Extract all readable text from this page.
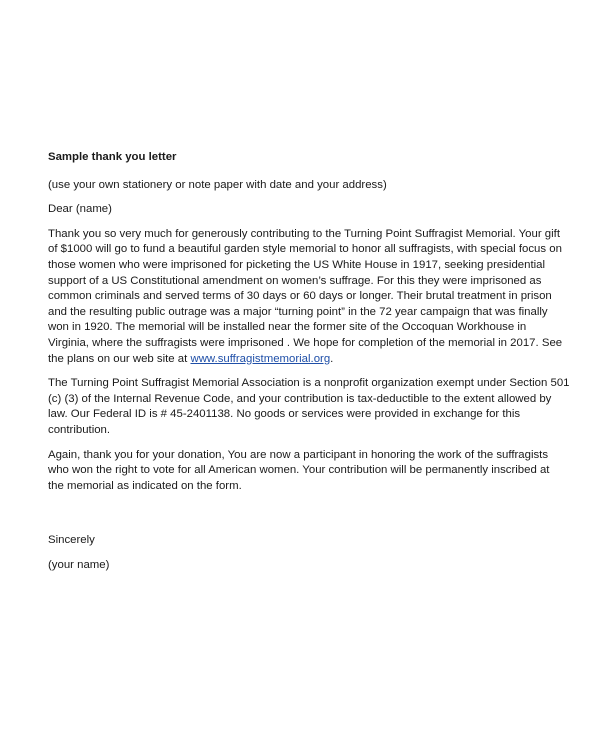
Sample thank you letter

(use your own stationery or note paper with date and your address)

Dear (name)

Thank you so very much for generously contributing to the Turning Point Suffragist Memorial. Your gift
of $1000 will go to fund a beautiful garden style memorial to honor all suffragists, with special focus on
those women who were imprisoned for picketing the US White House in 1917, seeking presidential
support of a US Constitutional amendment on women’s suffrage. For this they were imprisoned as
common criminals and served terms of 30 days or 60 days or longer. Their brutal treatment in prison
and the resulting public outrage was a major “turning point” in the 72 year campaign that was finally
won in 1920. The memorial will be installed near the former site of the Occoquan Workhouse in
Virginia, where the suffragists were imprisoned . We hope for completion of the memorial in 2017. See
the plans on our web site at www.suffragistmemorial.org.

The Turning Point Suffragist Memorial Association is a nonprofit organization exempt under Section 501
(c) (3) of the Internal Revenue Code, and your contribution is tax-deductible to the extent allowed by
law. Our Federal ID is # 45-2401138. No goods or services were provided in exchange for this
contribution.

Again, thank you for your donation, You are now a participant in honoring the work of the suffragists
who won the right to vote for all American women. Your contribution will be permanently inscribed at
the memorial as indicated on the form.

Sincerely

(your name)
